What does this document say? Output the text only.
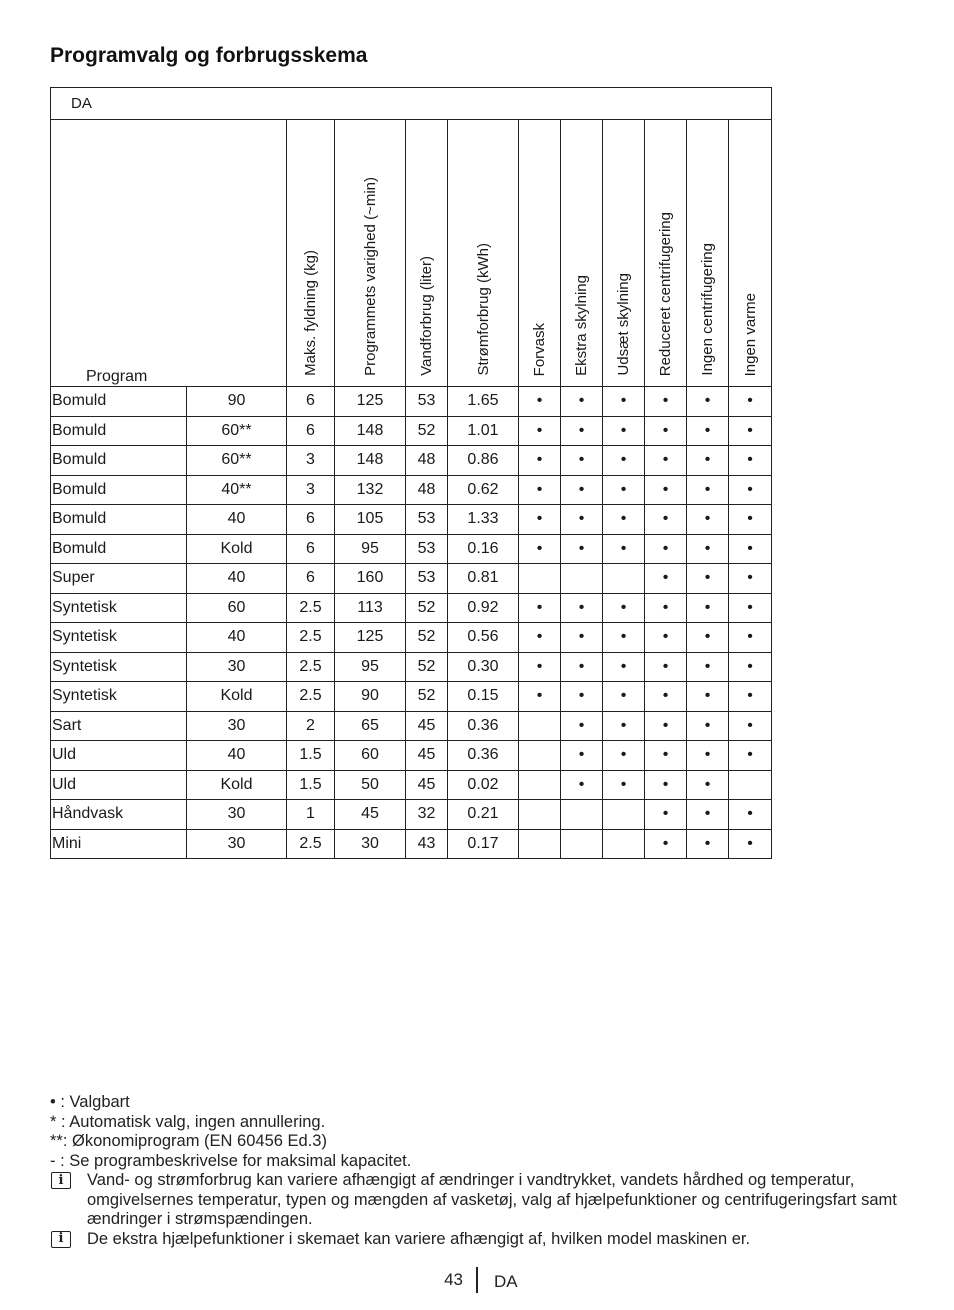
Programvalg og forbrugsskema
DA											
Program		Maks. fyldning (kg)	Programmets varighed (~min)	Vandforbrug (liter)	Strømforbrug (kWh)	Forvask	Ekstra skylning	Udsæt skylning	Reduceret centrifugering	Ingen centrifugering	Ingen varme

Bomuld	90	6	125	53	1.65	•	•	•	•	•	•
Bomuld	60**	6	148	52	1.01	•	•	•	•	•	•
Bomuld	60**	3	148	48	0.86	•	•	•	•	•	•
Bomuld	40**	3	132	48	0.62	•	•	•	•	•	•
Bomuld	40	6	105	53	1.33	•	•	•	•	•	•
Bomuld	Kold	6	95	53	0.16	•	•	•	•	•	•
Super	40	6	160	53	0.81				•	•	•
Syntetisk	60	2.5	113	52	0.92	•	•	•	•	•	•
Syntetisk	40	2.5	125	52	0.56	•	•	•	•	•	•
Syntetisk	30	2.5	95	52	0.30	•	•	•	•	•	•
Syntetisk	Kold	2.5	90	52	0.15	•	•	•	•	•	•
Sart	30	2	65	45	0.36		•	•	•	•	•
Uld	40	1.5	60	45	0.36		•	•	•	•	•
Uld	Kold	1.5	50	45	0.02		•	•	•	•	
Håndvask	30	1	45	32	0.21				•	•	•
Mini	30	2.5	30	43	0.17				•	•	•
• : Valgbart
* : Automatisk valg, ingen annullering.
**: Økonomiprogram (EN 60456 Ed.3)
- : Se programbeskrivelse for maksimal kapacitet.
i	Vand- og strømforbrug kan variere afhængigt af ændringer i vandtrykket, vandets hårdhed og temperatur, omgivelsernes temperatur, typen og mængden af vasketøj, valg af hjælpefunktioner og centrifugeringsfart samt ændringer i strømspændingen.
i	De ekstra hjælpefunktioner i skemaet kan variere afhængigt af, hvilken model maskinen er.
43 DA
